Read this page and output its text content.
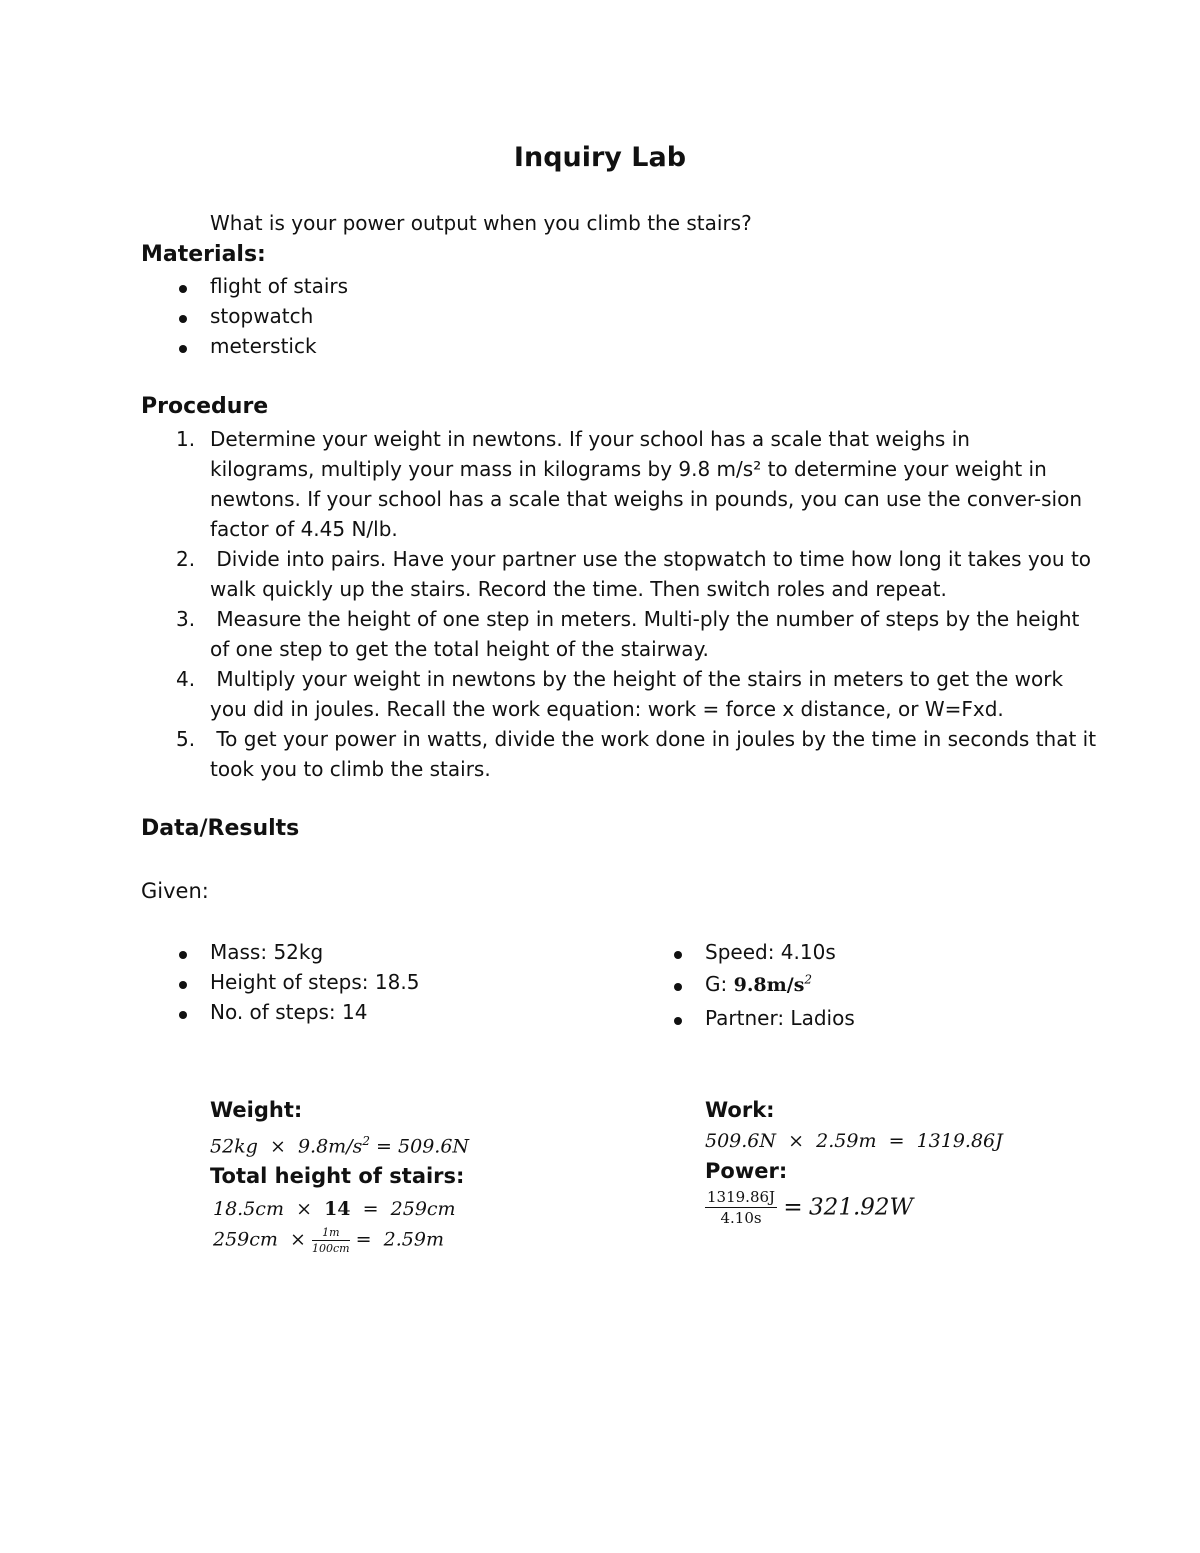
Inquiry Lab
What is your power output when you climb the stairs?
Materials:
flight of stairs
stopwatch
meterstick
Procedure
1. Determine your weight in newtons. If your school has a scale that weighs in
kilograms, multiply your mass in kilograms by 9.8 m/s² to determine your weight in
newtons. If your school has a scale that weighs in pounds, you can use the conver-sion
factor of 4.45 N/lb.
2. Divide into pairs. Have your partner use the stopwatch to time how long it takes you to
walk quickly up the stairs. Record the time. Then switch roles and repeat.
3. Measure the height of one step in meters. Multi-ply the number of steps by the height
of one step to get the total height of the stairway.
4. Multiply your weight in newtons by the height of the stairs in meters to get the work
you did in joules. Recall the work equation: work = force x distance, or W=Fxd.
5. To get your power in watts, divide the work done in joules by the time in seconds that it
took you to climb the stairs.
Data/Results
Given:
Mass: 52kg
Height of steps: 18.5
No. of steps: 14
Speed: 4.10s
G: $9.8m/s^2$
Partner: Ladios
Weight:
$52kg \times 9.8m/s^2 = 509.6N$
Total height of stairs:
18.5cm × 14 = 259cm
$259cm \times \frac{1m}{100cm} = 2.59m$
Work:
509.6N × 2.59m = 1319.86J
Power:
$\frac{1319.86J}{4.10s} = 321.92W$
